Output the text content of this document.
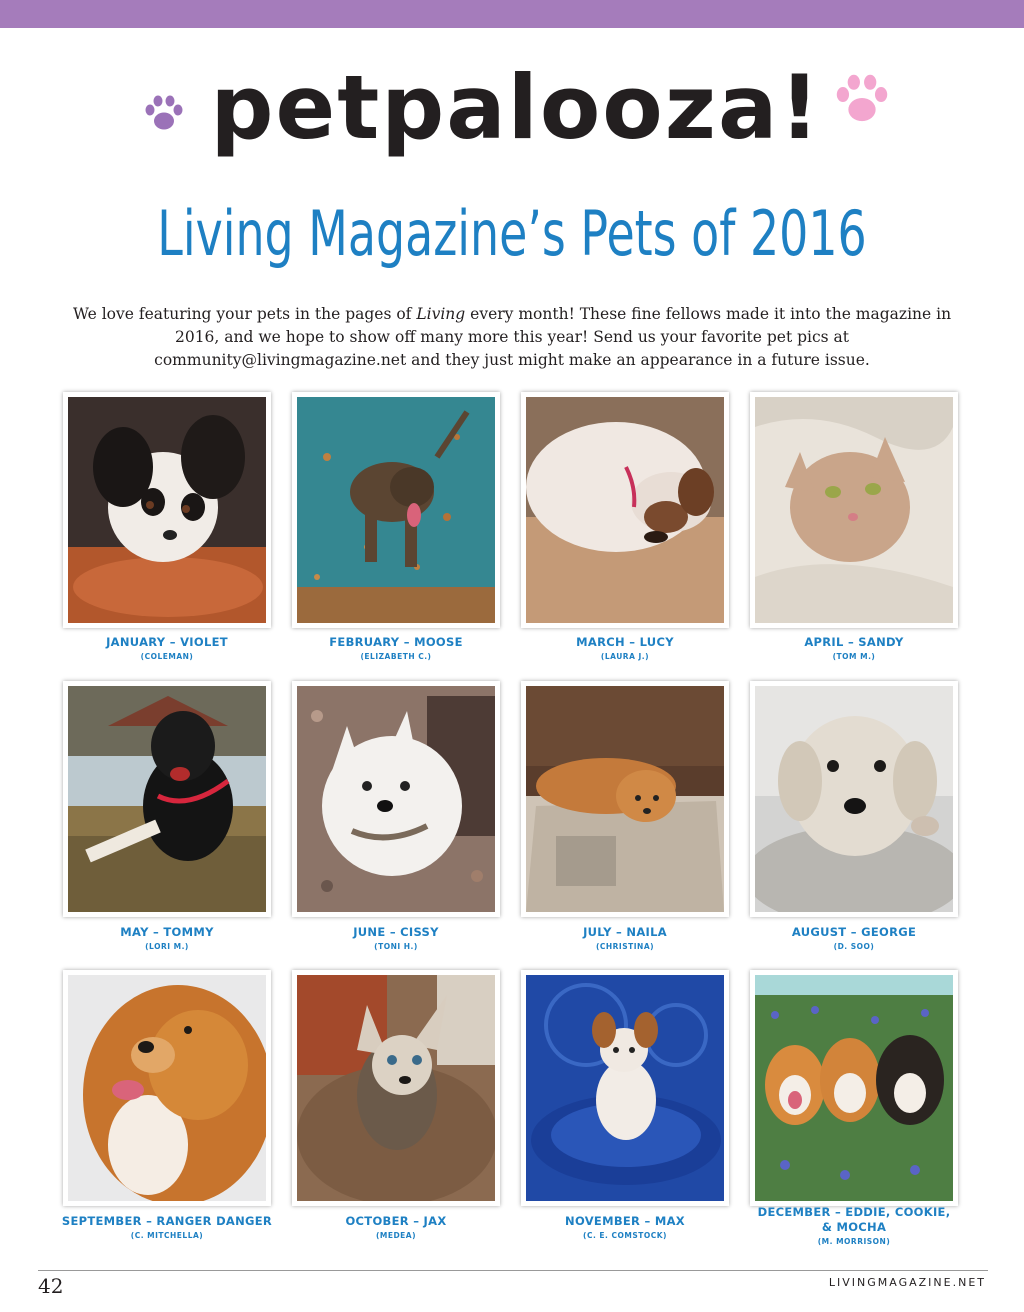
petpalooza!
Living Magazine’s Pets of 2016
We love featuring your pets in the pages of Living every month! These fine fellows made it into the magazine in 2016, and we hope to show off many more this year! Send us your favorite pet pics at community@livingmagazine.net and they just might make an appearance in a future issue.
JANUARY – VIOLET
(COLEMAN)
FEBRUARY – MOOSE
(ELIZABETH C.)
MARCH – LUCY
(LAURA J.)
APRIL – SANDY
(TOM M.)
MAY – TOMMY
(LORI M.)
JUNE – CISSY
(TONI H.)
JULY – NAILA
(CHRISTINA)
AUGUST – GEORGE
(D. SOO)
SEPTEMBER – RANGER DANGER
(C. MITCHELLA)
OCTOBER – JAX
(MEDEA)
NOVEMBER – MAX
(C. E. COMSTOCK)
DECEMBER – EDDIE, COOKIE, & MOCHA
(M. MORRISON)
42	LIVINGMAGAZINE.NET
